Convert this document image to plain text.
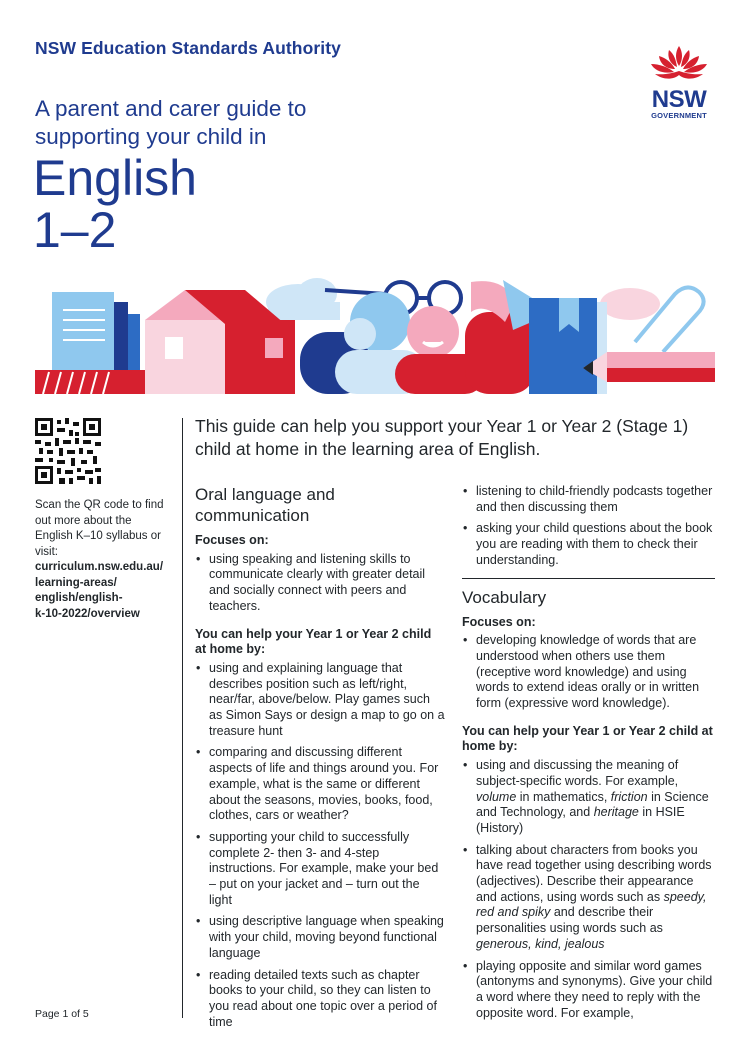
NSW Education Standards Authority
A parent and carer guide to supporting your child in
English
1–2
NSW
GOVERNMENT
Scan the QR code to find out more about the English K–10 syllabus or visit:
curriculum.nsw.edu.au/
learning-areas/
english/english-
k-10-2022/overview
This guide can help you support your Year 1 or Year 2 (Stage 1) child at home in the learning area of English.
Oral language and communication
Focuses on:
• using speaking and listening skills to communicate clearly with greater detail and socially connect with peers and teachers.
You can help your Year 1 or Year 2 child at home by:
• using and explaining language that describes position such as left/right, near/far, above/below. Play games such as Simon Says or design a map to go on a treasure hunt
• comparing and discussing different aspects of life and things around you. For example, what is the same or different about the seasons, movies, books, food, clothes, cars or weather?
• supporting your child to successfully complete 2- then 3- and 4-step instructions. For example, make your bed – put on your jacket and – turn out the light
• using descriptive language when speaking with your child, moving beyond functional language
• reading detailed texts such as chapter books to your child, so they can listen to you read about one topic over a period of time
• listening to child-friendly podcasts together and then discussing them
• asking your child questions about the book you are reading with them to check their understanding.
Vocabulary
Focuses on:
• developing knowledge of words that are understood when others use them (receptive word knowledge) and using words to extend ideas orally or in written form (expressive word knowledge).
You can help your Year 1 or Year 2 child at home by:
• using and discussing the meaning of subject-specific words. For example, volume in mathematics, friction in Science and Technology, and heritage in HSIE (History)
• talking about characters from books you have read together using describing words (adjectives). Describe their appearance and actions, using words such as speedy, red and spiky and describe their personalities using words such as generous, kind, jealous
• playing opposite and similar word games (antonyms and synonyms). Give your child a word where they need to reply with the opposite word. For example,
Page 1 of 5
